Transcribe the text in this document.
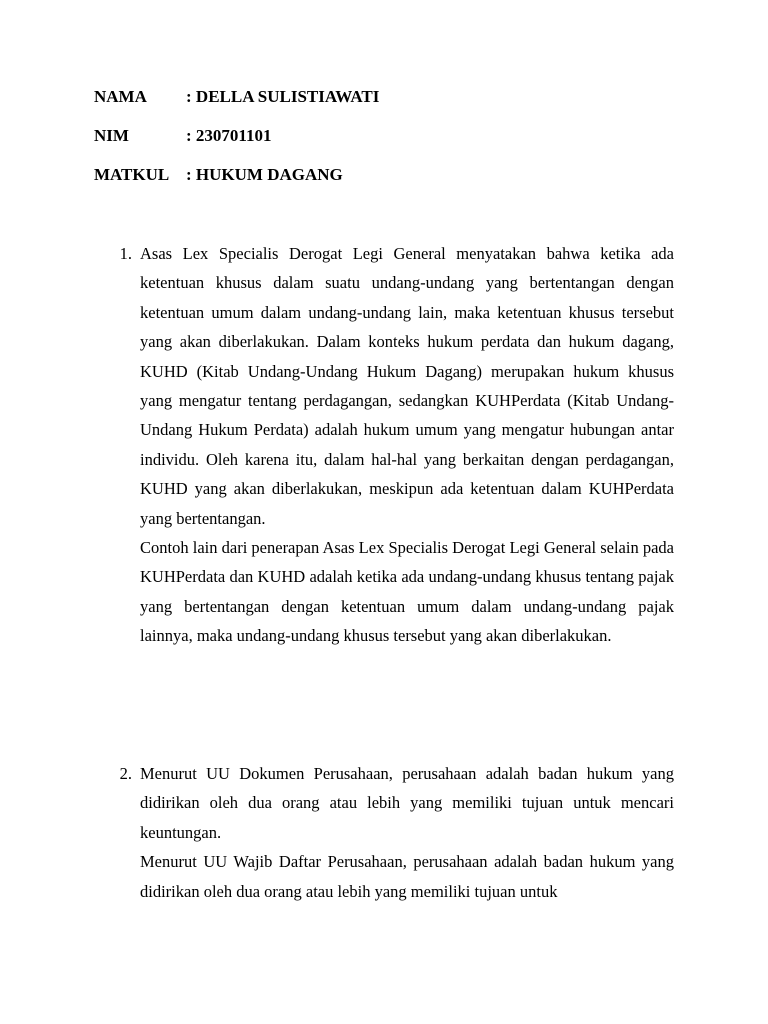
NAMA	: DELLA SULISTIAWATI
NIM	: 230701101
MATKUL : HUKUM DAGANG
1. Asas Lex Specialis Derogat Legi General menyatakan bahwa ketika ada ketentuan khusus dalam suatu undang-undang yang bertentangan dengan ketentuan umum dalam undang-undang lain, maka ketentuan khusus tersebut yang akan diberlakukan. Dalam konteks hukum perdata dan hukum dagang, KUHD (Kitab Undang-Undang Hukum Dagang) merupakan hukum khusus yang mengatur tentang perdagangan, sedangkan KUHPerdata (Kitab Undang-Undang Hukum Perdata) adalah hukum umum yang mengatur hubungan antar individu. Oleh karena itu, dalam hal-hal yang berkaitan dengan perdagangan, KUHD yang akan diberlakukan, meskipun ada ketentuan dalam KUHPerdata yang bertentangan.

Contoh lain dari penerapan Asas Lex Specialis Derogat Legi General selain pada KUHPerdata dan KUHD adalah ketika ada undang-undang khusus tentang pajak yang bertentangan dengan ketentuan umum dalam undang-undang pajak lainnya, maka undang-undang khusus tersebut yang akan diberlakukan.

2. Menurut UU Dokumen Perusahaan, perusahaan adalah badan hukum yang didirikan oleh dua orang atau lebih yang memiliki tujuan untuk mencari keuntungan.

Menurut UU Wajib Daftar Perusahaan, perusahaan adalah badan hukum yang didirikan oleh dua orang atau lebih yang memiliki tujuan untuk
